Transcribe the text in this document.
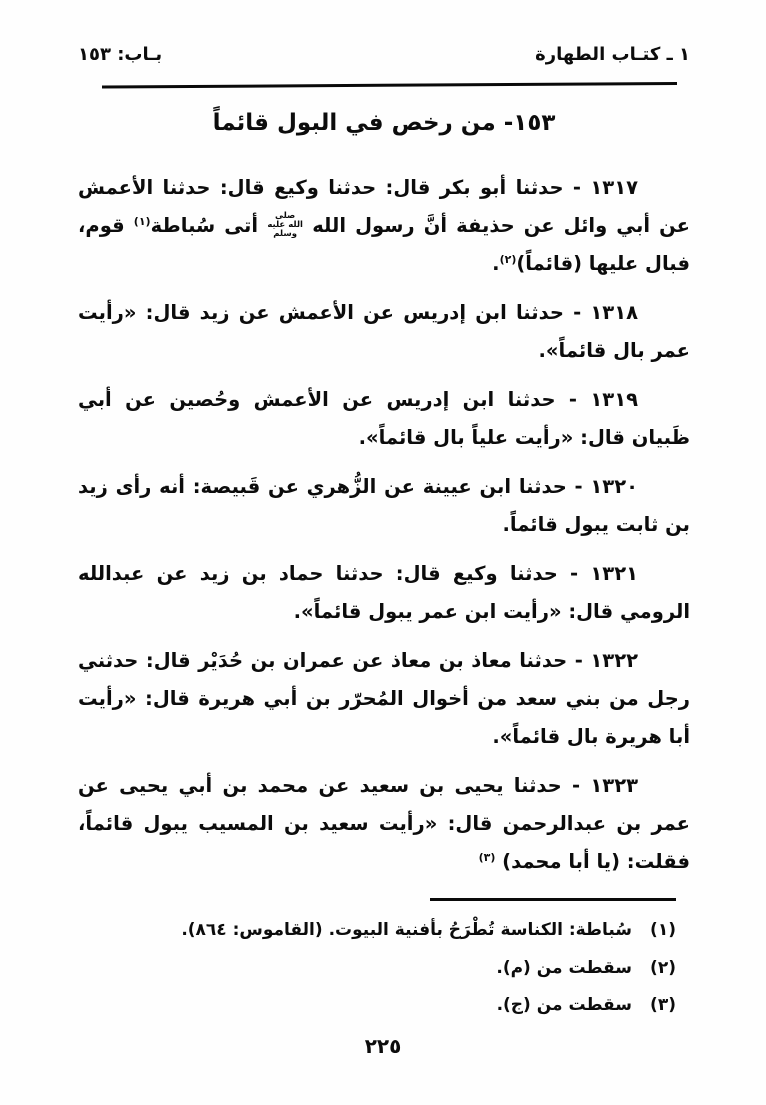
١ ـ كتـاب الطهارة
بـاب: ١٥٣
١٥٣- من رخص في البول قائماً

١٣١٧ - حدثنا أبو بكر قال: حدثنا وكيع قال: حدثنا الأعمش عن أبي وائل عن حذيفة أنَّ رسول الله صلى الله عليه وسلم أتى سُباطة$^{(١)}$ قوم، فبال عليها (قائماً)$^{(٢)}$.

١٣١٨ - حدثنا ابن إدريس عن الأعمش عن زيد قال: «رأيت عمر بال قائماً».

١٣١٩ - حدثنا ابن إدريس عن الأعمش وحُصين عن أبي ظَبيان قال: «رأيت علياً بال قائماً».

١٣٢٠ - حدثنا ابن عيينة عن الزُّهري عن قَبيصة: أنه رأى زيد بن ثابت يبول قائماً.

١٣٢١ - حدثنا وكيع قال: حدثنا حماد بن زيد عن عبدالله الرومي قال: «رأيت ابن عمر يبول قائماً».

١٣٢٢ - حدثنا معاذ بن معاذ عن عمران بن حُدَيْر قال: حدثني رجل من بني سعد من أخوال المُحرّر بن أبي هريرة قال: «رأيت أبا هريرة بال قائماً».

١٣٢٣ - حدثنا يحيى بن سعيد عن محمد بن أبي يحيى عن عمر بن عبدالرحمن قال: «رأيت سعيد بن المسيب يبول قائماً، فقلت: (يا أبا محمد) $^{(٣)}$

(١)
سُباطة: الكناسة تُطْرَحُ بأفنية البيوت. (القاموس: ٨٦٤).
(٢)
سقطت من (م).
(٣)
سقطت من (ج).
٢٢٥
